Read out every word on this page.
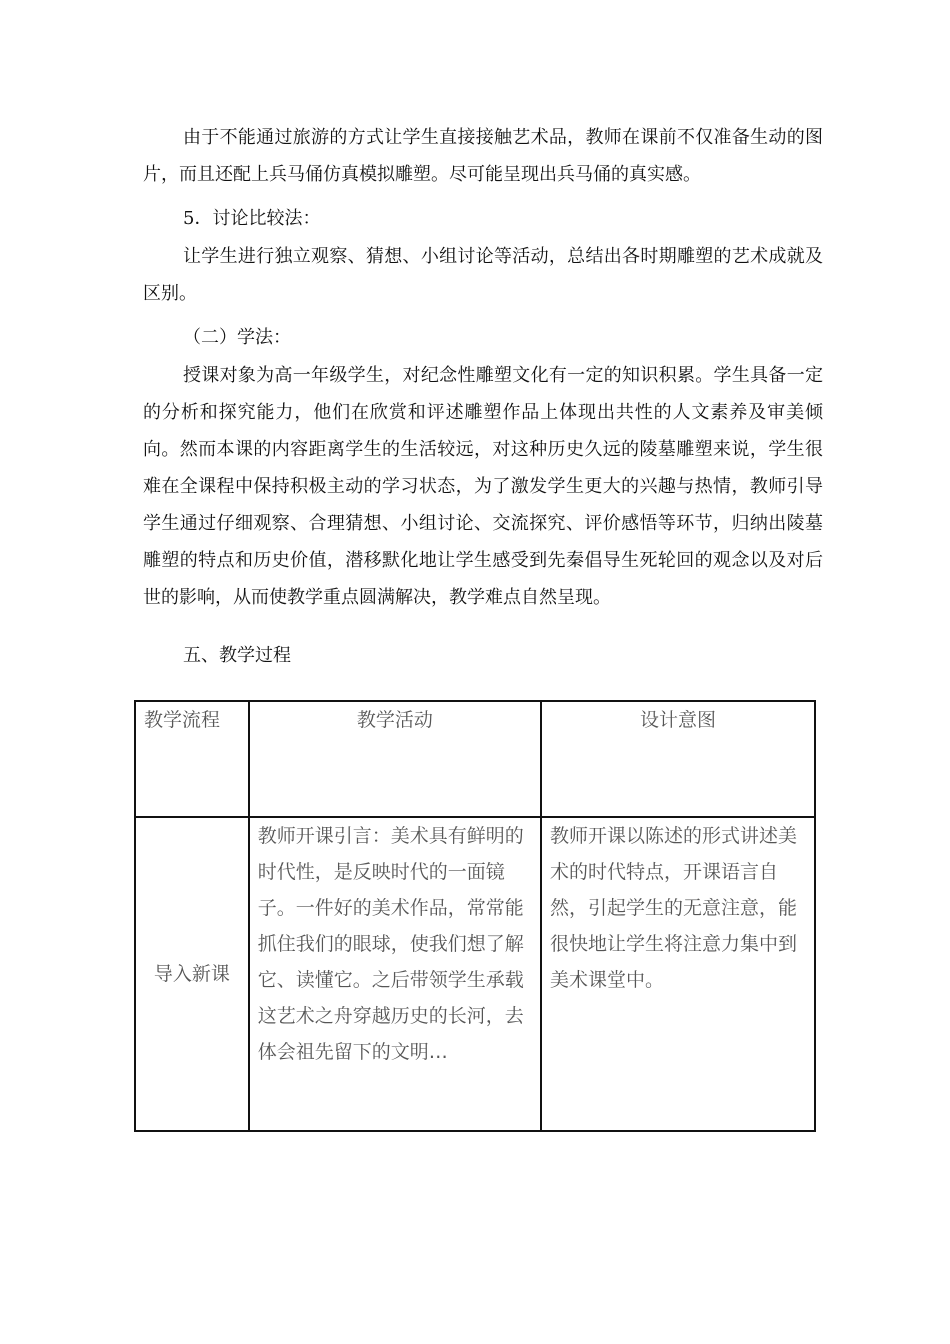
由于不能通过旅游的方式让学生直接接触艺术品，教师在课前不仅准备生动的图片，而且还配上兵马俑仿真模拟雕塑。尽可能呈现出兵马俑的真实感。

5．讨论比较法：

让学生进行独立观察、猜想、小组讨论等活动，总结出各时期雕塑的艺术成就及区别。

（二）学法：

授课对象为高一年级学生，对纪念性雕塑文化有一定的知识积累。学生具备一定的分析和探究能力，他们在欣赏和评述雕塑作品上体现出共性的人文素养及审美倾向。然而本课的内容距离学生的生活较远，对这种历史久远的陵墓雕塑来说，学生很难在全课程中保持积极主动的学习状态，为了激发学生更大的兴趣与热情，教师引导学生通过仔细观察、合理猜想、小组讨论、交流探究、评价感悟等环节，归纳出陵墓雕塑的特点和历史价值，潜移默化地让学生感受到先秦倡导生死轮回的观念以及对后世的影响，从而使教学重点圆满解决，教学难点自然呈现。

五、教学过程

教学流程	教学活动	设计意图

导入新课	教师开课引言：美术具有鲜明的时代性，是反映时代的一面镜子。一件好的美术作品，常常能抓住我们的眼球，使我们想了解它、读懂它。之后带领学生承载这艺术之舟穿越历史的长河，去体会祖先留下的文明…	教师开课以陈述的形式讲述美术的时代特点，开课语言自然，引起学生的无意注意，能很快地让学生将注意力集中到美术课堂中。
